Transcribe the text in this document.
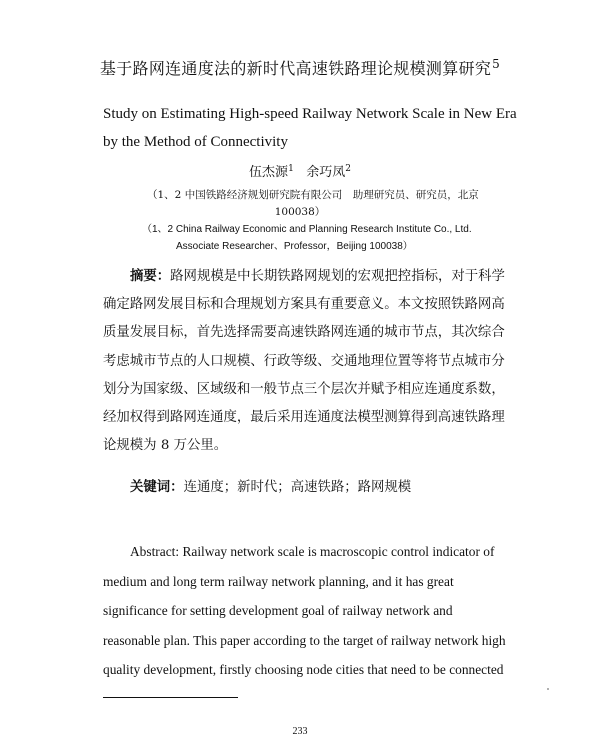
基于路网连通度法的新时代高速铁路理论规模测算研究$^5$
Study on Estimating High-speed Railway Network Scale in New Era
by the Method of Connectivity
伍杰源$^1$ 余巧凤$^2$
（1、2 中国铁路经济规划研究院有限公司　助理研究员、研究员，北京
100038）
（1、2 China Railway Economic and Planning Research Institute Co., Ltd.
Associate Researcher、Professor，Beijing 100038）

摘要：路网规模是中长期铁路网规划的宏观把控指标，对于科学

确定路网发展目标和合理规划方案具有重要意义。本文按照铁路网高

质量发展目标，首先选择需要高速铁路网连通的城市节点，其次综合

考虑城市节点的人口规模、行政等级、交通地理位置等将节点城市分

划分为国家级、区域级和一般节点三个层次并赋予相应连通度系数，

经加权得到路网连通度，最后采用连通度法模型测算得到高速铁路理

论规模为 8 万公里。

关键词：连通度；新时代；高速铁路；路网规模

Abstract: Railway network scale is macroscopic control indicator of

medium and long term railway network planning, and it has great

significance for setting development goal of railway network and

reasonable plan. This paper according to the target of railway network high

quality development, firstly choosing node cities that need to be connected

233
